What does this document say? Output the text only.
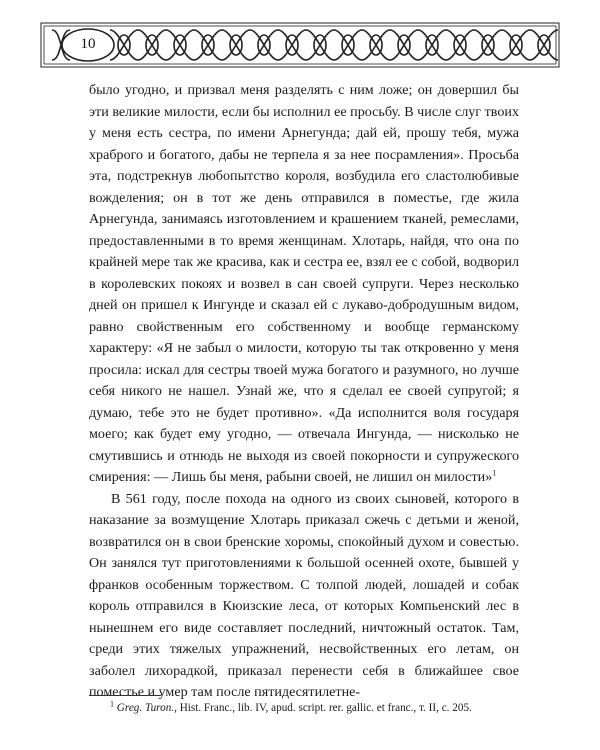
10

было угодно, и призвал меня разделять с ним ложе; он довершил бы эти великие милости, если бы исполнил ее просьбу. В числе слуг твоих у меня есть сестра, по имени Арнегунда; дай ей, прошу тебя, мужа храброго и богатого, дабы не терпела я за нее посрамления». Просьба эта, подстрекнув любопытство короля, возбудила его сластолюбивые вожделения; он в тот же день отправился в поместье, где жила Арнегунда, занимаясь изготовлением и крашением тканей, ремеслами, предоставленными в то время женщинам. Хлотарь, найдя, что она по крайней мере так же красива, как и сестра ее, взял ее с собой, водворил в королевских покоях и возвел в сан своей супруги. Через несколько дней он пришел к Ингунде и сказал ей с лукаво-добродушным видом, равно свойственным его собственному и вообще германскому характеру: «Я не забыл о милости, которую ты так откровенно у меня просила: искал для сестры твоей мужа богатого и разумного, но лучше себя никого не нашел. Узнай же, что я сделал ее своей супругой; я думаю, тебе это не будет противно». «Да исполнится воля государя моего; как будет ему угодно, — отвечала Ингунда, — нисколько не смутившись и отнюдь не выходя из своей покорности и супружеского смирения: — Лишь бы меня, рабыни своей, не лишил он милости»$^1$

В 561 году, после похода на одного из своих сыновей, которого в наказание за возмущение Хлотарь приказал сжечь с детьми и женой, возвратился он в свои бренские хоромы, спокойный духом и совестью. Он занялся тут приготовлениями к большой осенней охоте, бывшей у франков особенным торжеством. С толпой людей, лошадей и собак король отправился в Кюизские леса, от которых Компьенский лес в нынешнем его виде составляет последний, ничтожный остаток. Там, среди этих тяжелых упражнений, несвойственных его летам, он заболел лихорадкой, приказал перенести себя в ближайшее свое поместье и умер там после пятидесятилетне-

$^1$ Greg. Turon., Hist. Franc., lib. IV, apud. script. rer. gallic. et franc., т. II, с. 205.
